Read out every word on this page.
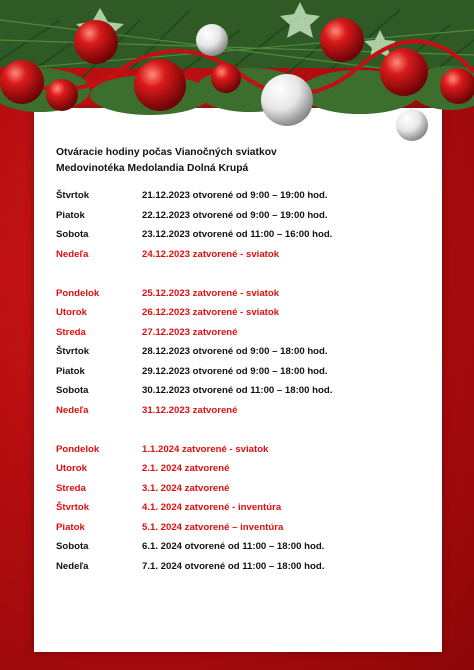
Otváracie hodiny počas Vianočných sviatkov
Medovinotéka Medolandia Dolná Krupá
Štvrtok	21.12.2023 otvorené od 9:00 – 19:00 hod.
Piatok	22.12.2023 otvorené od 9:00 – 19:00 hod.
Sobota	23.12.2023 otvorené od 11:00 – 16:00 hod.
Nedeľa	24.12.2023 zatvorené - sviatok
Pondelok	25.12.2023 zatvorené - sviatok
Utorok	26.12.2023 zatvorené - sviatok
Streda	27.12.2023 zatvorené
Štvrtok	28.12.2023 otvorené od 9:00 – 18:00 hod.
Piatok	29.12.2023 otvorené od 9:00 – 18:00 hod.
Sobota	30.12.2023 otvorené od 11:00 – 18:00 hod.
Nedeľa	31.12.2023 zatvorené
Pondelok	1.1.2024 zatvorené - sviatok
Utorok	2.1. 2024 zatvorené
Streda	3.1. 2024 zatvorené
Štvrtok	4.1. 2024 zatvorené - inventúra
Piatok	5.1. 2024 zatvorené – inventúra
Sobota	6.1. 2024 otvorené od 11:00 – 18:00 hod.
Nedeľa	7.1. 2024 otvorené od 11:00 – 18:00 hod.
